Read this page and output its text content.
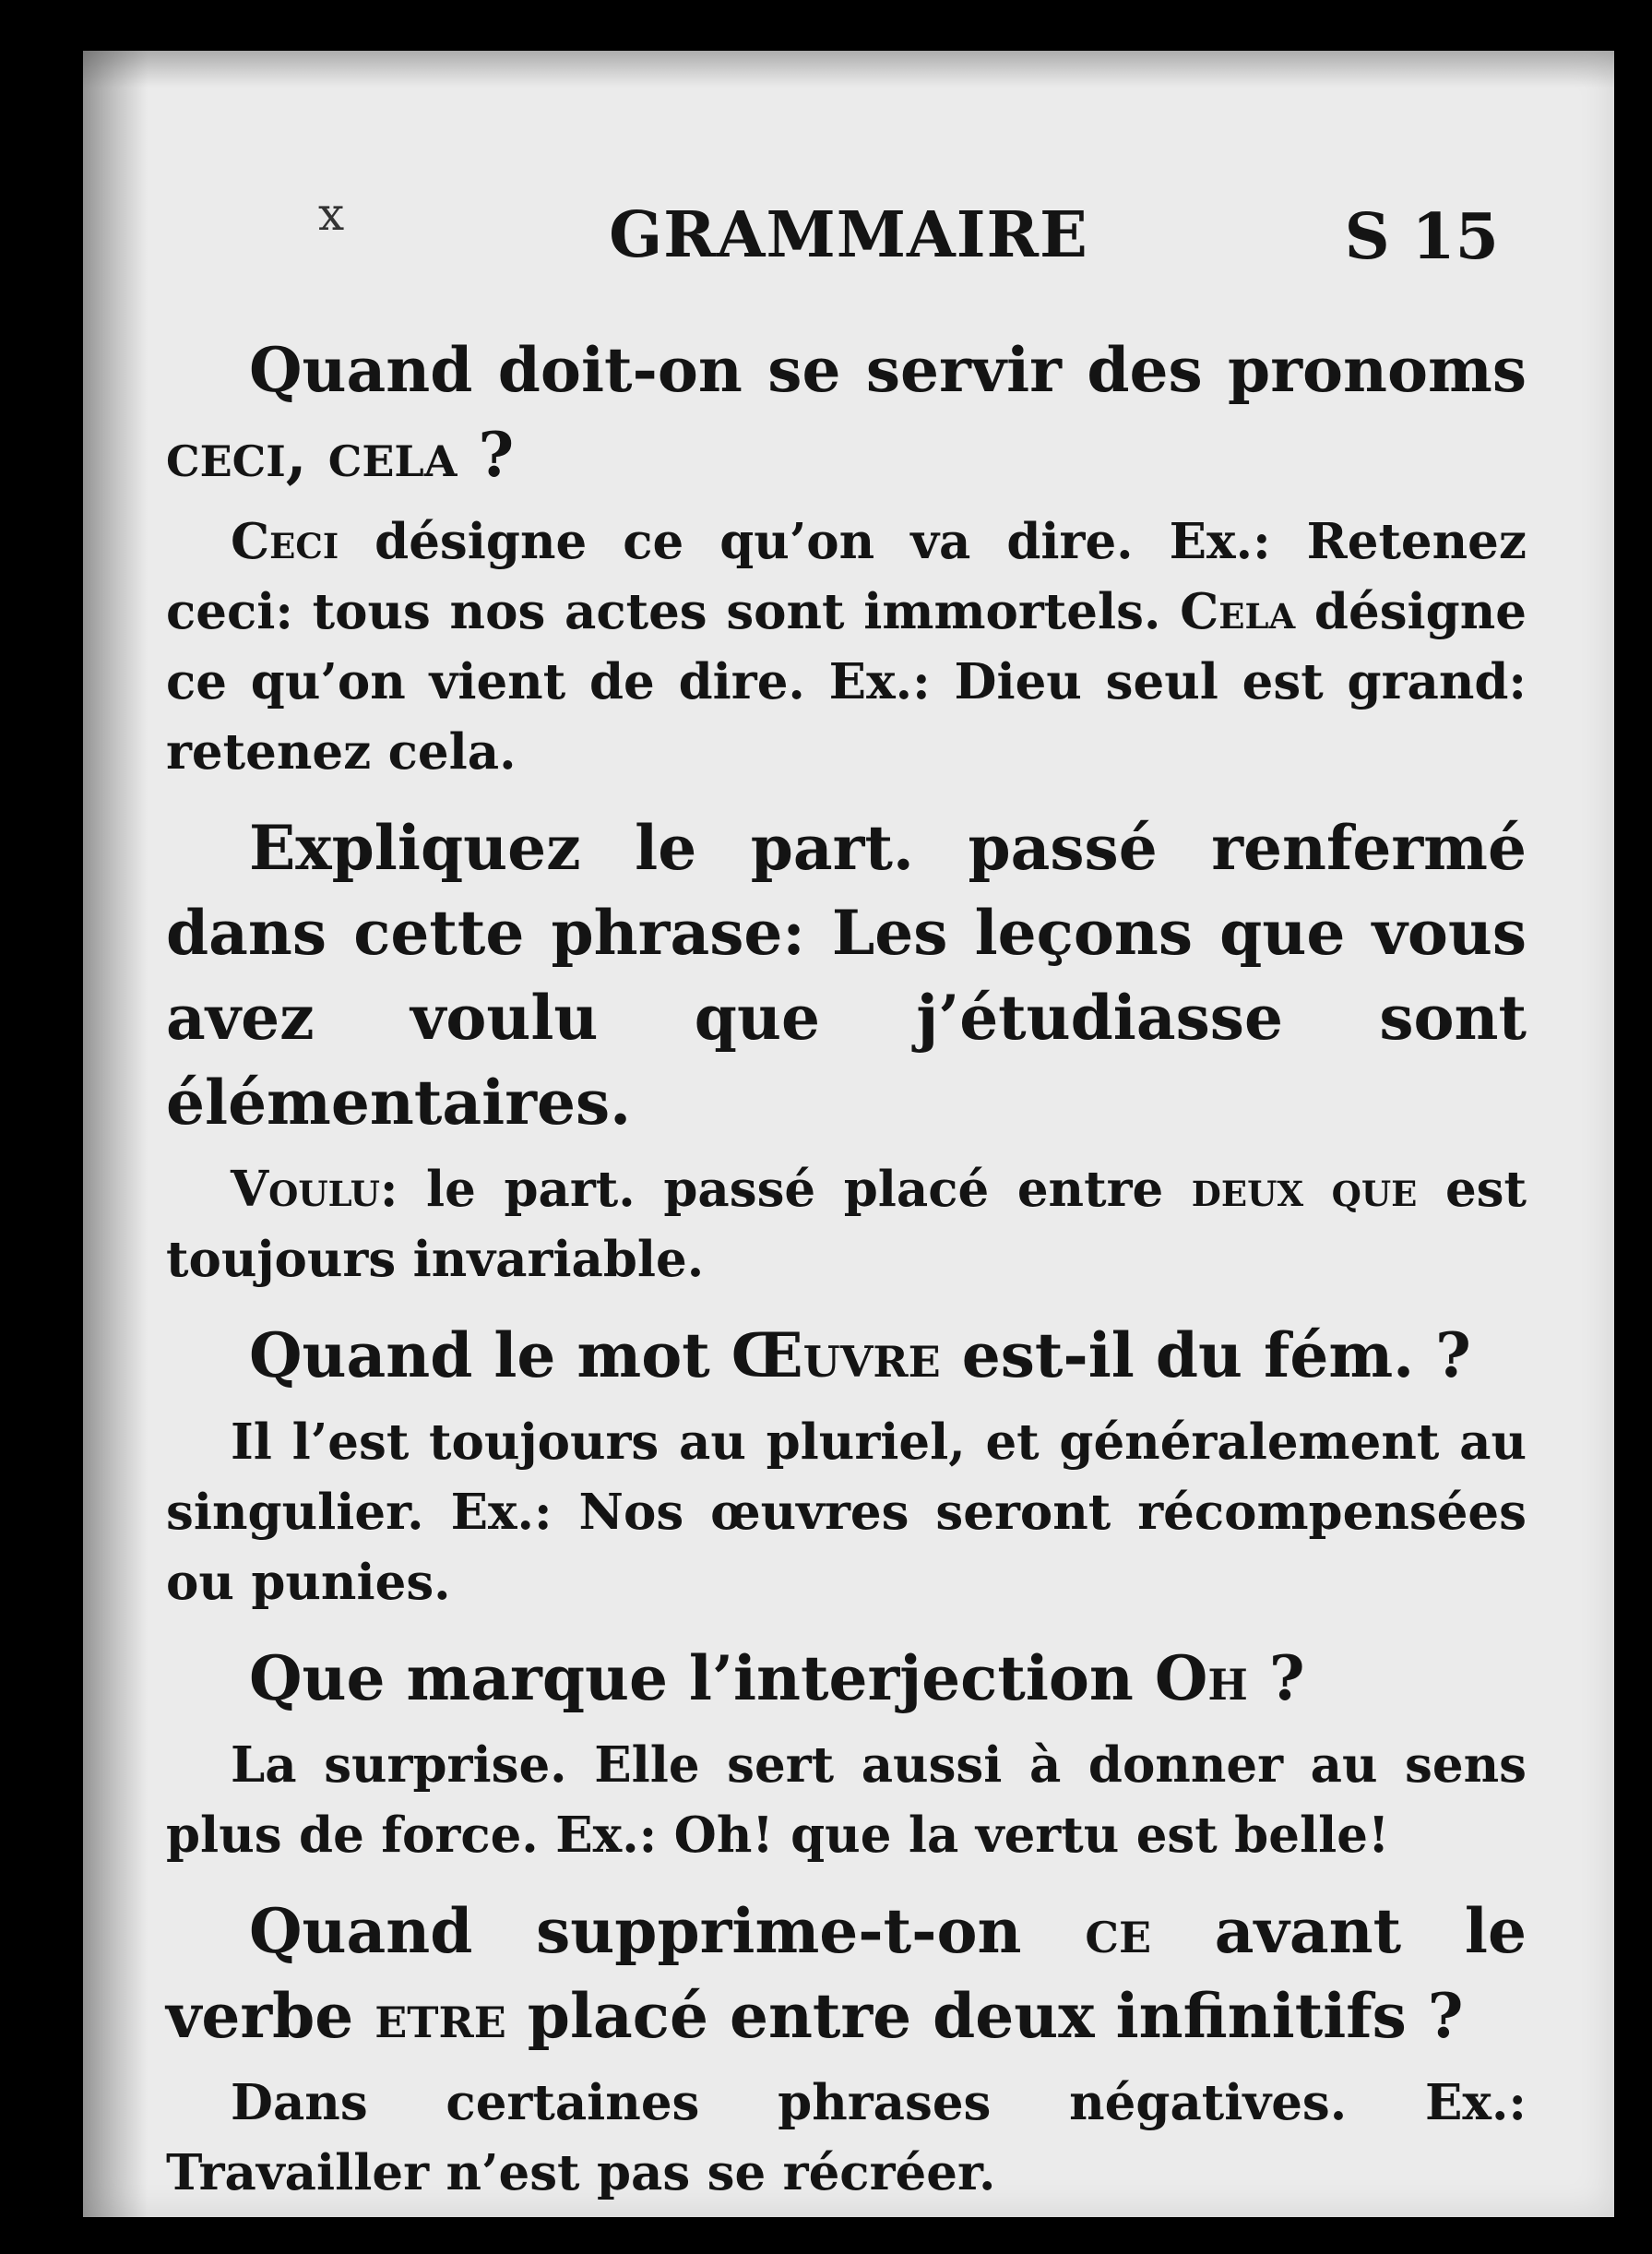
x	GRAMMAIRE	S 15

Quand doit-on se servir des pronoms ceci, cela ?

Ceci désigne ce qu’on va dire. Ex.: Retenez ceci: tous nos actes sont immortels. Cela désigne ce qu’on vient de dire. Ex.: Dieu seul est grand: retenez cela.

Expliquez le part. passé renfermé dans cette phrase: Les leçons que vous avez voulu que j’étudiasse sont élémentaires.

Voulu: le part. passé placé entre deux que est toujours invariable.

Quand le mot Œuvre est-il du fém. ?

Il l’est toujours au pluriel, et généralement au singulier. Ex.: Nos œuvres seront récompensées ou punies.

Que marque l’interjection Oh ?

La surprise. Elle sert aussi à donner au sens plus de force. Ex.: Oh! que la vertu est belle!

Quand supprime-t-on ce avant le verbe etre placé entre deux infinitifs ?

Dans certaines phrases négatives. Ex.: Travailler n’est pas se récréer.
